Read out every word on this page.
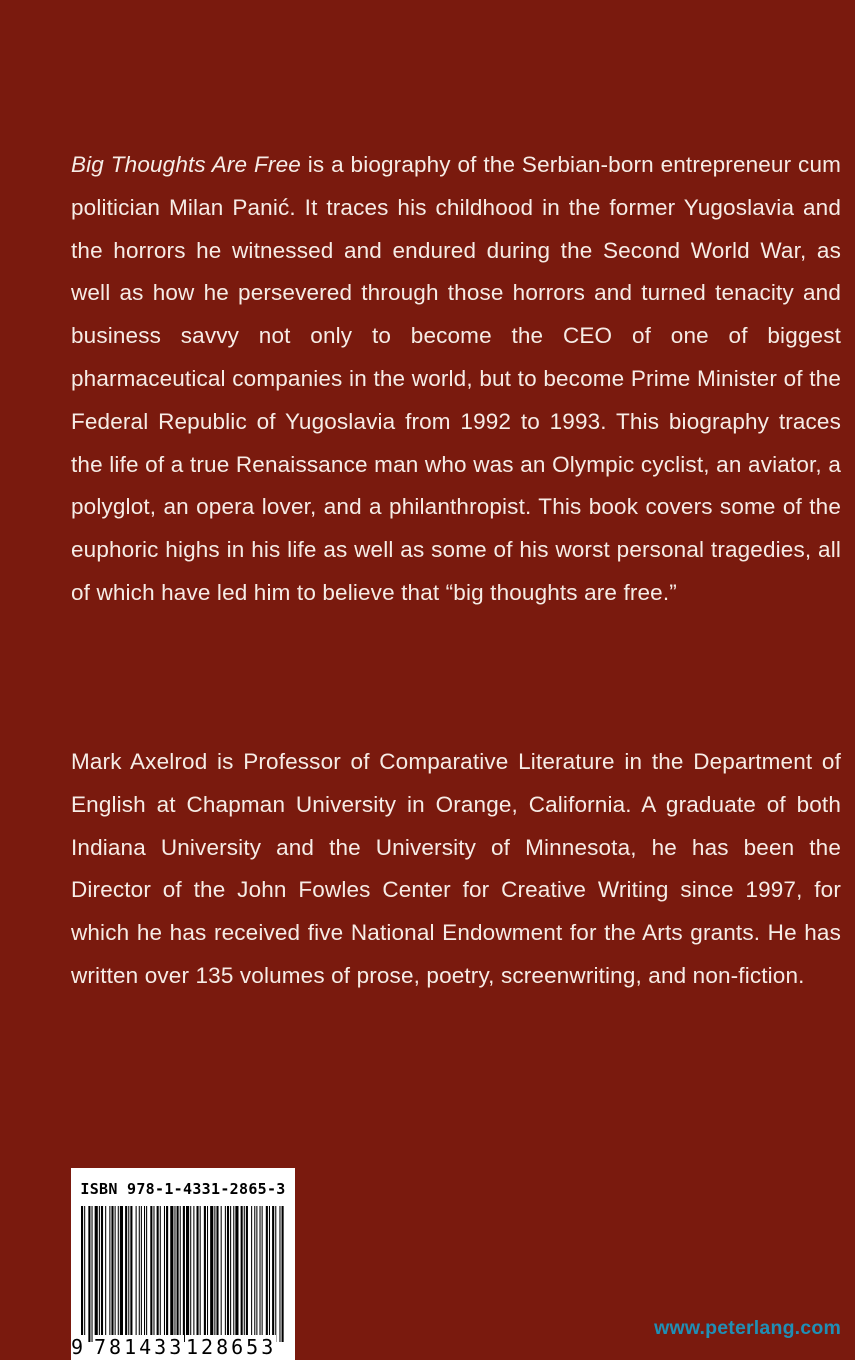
Big Thoughts Are Free is a biography of the Serbian-born entrepreneur cum politician Milan Panić. It traces his childhood in the former Yugoslavia and the horrors he witnessed and endured during the Second World War, as well as how he persevered through those horrors and turned tenacity and business savvy not only to become the CEO of one of biggest pharmaceutical companies in the world, but to become Prime Minister of the Federal Republic of Yugoslavia from 1992 to 1993. This biography traces the life of a true Renaissance man who was an Olympic cyclist, an aviator, a polyglot, an opera lover, and a philanthropist. This book covers some of the euphoric highs in his life as well as some of his worst personal tragedies, all of which have led him to believe that “big thoughts are free.”

Mark Axelrod is Professor of Comparative Literature in the Department of English at Chapman University in Orange, California. A graduate of both Indiana University and the University of Minnesota, he has been the Director of the John Fowles Center for Creative Writing since 1997, for which he has received five National Endowment for the Arts grants. He has written over 135 volumes of prose, poetry, screenwriting, and non-fiction.

ISBN 978-1-4331-2865-3
9 781433 128653
www.peterlang.com
